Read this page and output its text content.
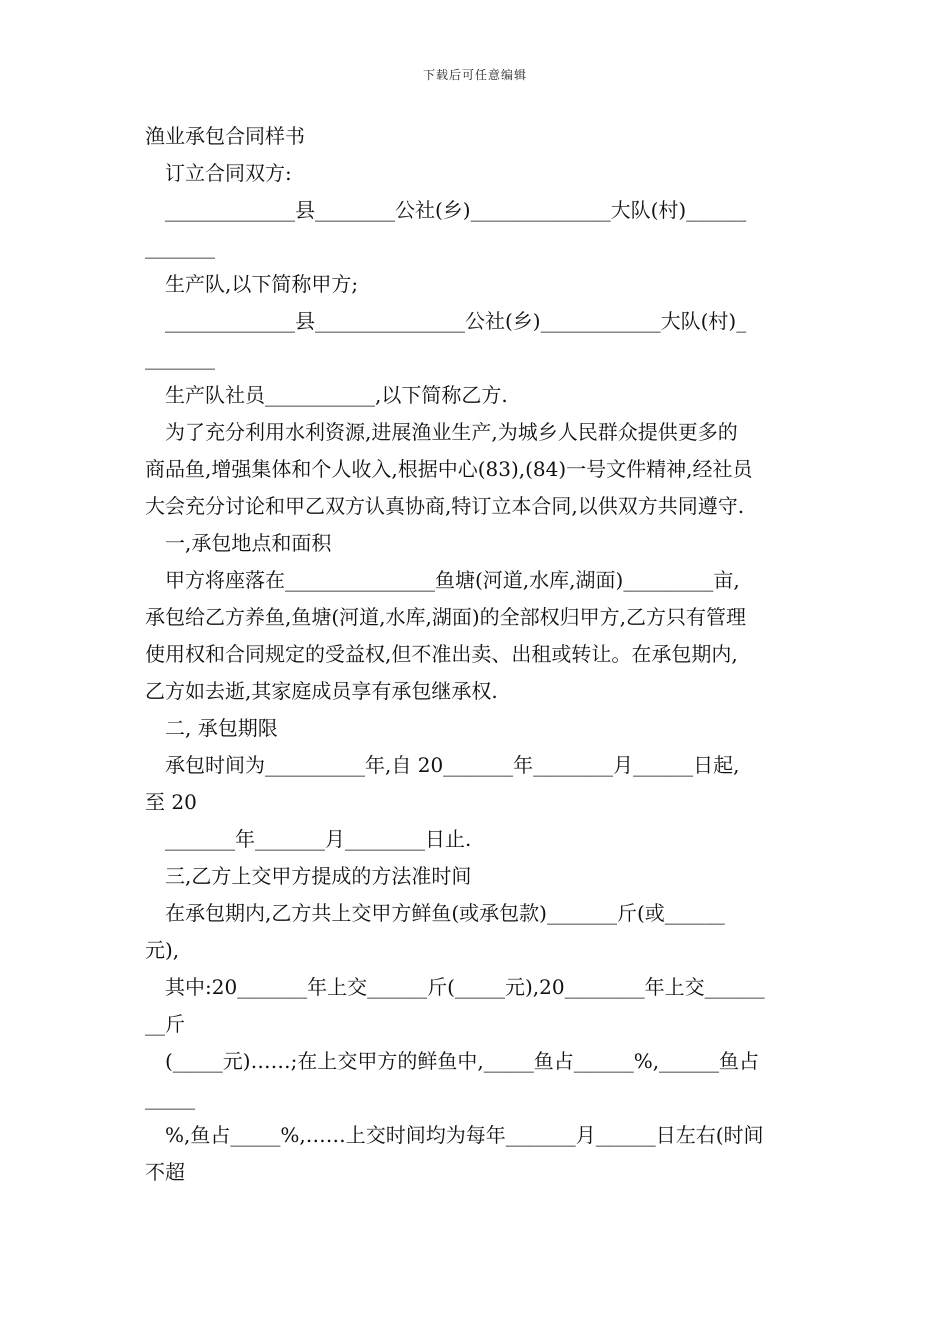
下载后可任意编辑
渔业承包合同样书
订立合同双方:
_____________县________公社(乡)______________大队(村)______
_______
生产队,以下简称甲方;
_____________县_______________公社(乡)____________大队(村)_
_______
生产队社员___________,以下简称乙方.
为了充分利用水利资源,进展渔业生产,为城乡人民群众提供更多的
商品鱼,增强集体和个人收入,根据中心(83),(84)一号文件精神,经社员
大会充分讨论和甲乙双方认真协商,特订立本合同,以供双方共同遵守.
一,承包地点和面积
甲方将座落在_______________鱼塘(河道,水库,湖面)_________亩,
承包给乙方养鱼,鱼塘(河道,水库,湖面)的全部权归甲方,乙方只有管理
使用权和合同规定的受益权,但不准出卖、出租或转让。在承包期内,
乙方如去逝,其家庭成员享有承包继承权.
二, 承包期限
承包时间为__________年,自 20_______年________月______日起,
至 20
_______年_______月________日止.
三,乙方上交甲方提成的方法准时间
在承包期内,乙方共上交甲方鲜鱼(或承包款)_______斤(或______
元),
其中:20_______年上交______斤(_____元),20________年上交______
__斤
(_____元)……;在上交甲方的鲜鱼中,_____鱼占______%,______鱼占
_____
%,鱼占_____%,……上交时间均为每年_______月______日左右(时间
不超
